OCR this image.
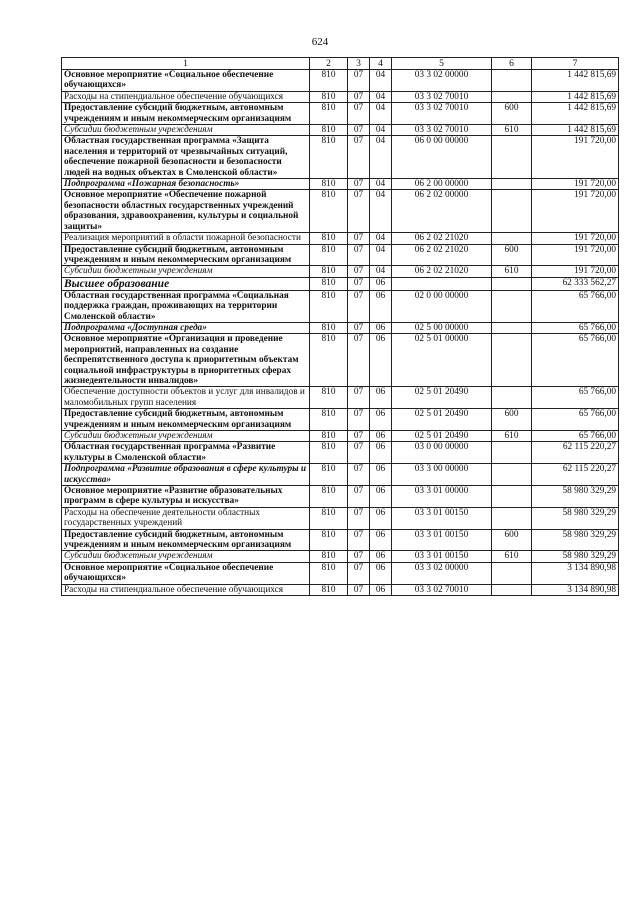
624
1	2	3	4	5	6	7
Основное мероприятие «Социальное обеспечение обучающихся»	810	07	04	03 3 02 00000		1 442 815,69
Расходы на стипендиальное обеспечение обучающихся	810	07	04	03 3 02 70010		1 442 815,69
Предоставление субсидий бюджетным, автономным учреждениям и иным некоммерческим организациям	810	07	04	03 3 02 70010	600	1 442 815,69
Субсидии бюджетным учреждениям	810	07	04	03 3 02 70010	610	1 442 815,69
Областная государственная программа «Защита населения и территорий от чрезвычайных ситуаций, обеспечение пожарной безопасности и безопасности людей на водных объектах в Смоленской области»	810	07	04	06 0 00 00000		191 720,00
Подпрограмма «Пожарная безопасность»	810	07	04	06 2 00 00000		191 720,00
Основное мероприятие «Обеспечение пожарной безопасности областных государственных учреждений образования, здравоохранения, культуры и социальной защиты»	810	07	04	06 2 02 00000		191 720,00
Реализация мероприятий в области пожарной безопасности	810	07	04	06 2 02 21020		191 720,00
Предоставление субсидий бюджетным, автономным учреждениям и иным некоммерческим организациям	810	07	04	06 2 02 21020	600	191 720,00
Субсидии бюджетным учреждениям	810	07	04	06 2 02 21020	610	191 720,00
Высшее образование	810	07	06			62 333 562,27
Областная государственная программа «Социальная поддержка граждан, проживающих на территории Смоленской области»	810	07	06	02 0 00 00000		65 766,00
Подпрограмма «Доступная среда»	810	07	06	02 5 00 00000		65 766,00
Основное мероприятие «Организация и проведение мероприятий, направленных на создание беспрепятственного доступа к приоритетным объектам социальной инфраструктуры в приоритетных сферах жизнедеятельности инвалидов»	810	07	06	02 5 01 00000		65 766,00
Обеспечение доступности объектов и услуг для инвалидов и маломобильных групп населения	810	07	06	02 5 01 20490		65 766,00
Предоставление субсидий бюджетным, автономным учреждениям и иным некоммерческим организациям	810	07	06	02 5 01 20490	600	65 766,00
Субсидии бюджетным учреждениям	810	07	06	02 5 01 20490	610	65 766,00
Областная государственная программа «Развитие культуры в Смоленской области»	810	07	06	03 0 00 00000		62 115 220,27
Подпрограмма «Развитие образования в сфере культуры и искусства»	810	07	06	03 3 00 00000		62 115 220,27
Основное мероприятие «Развитие образовательных программ в сфере культуры и искусства»	810	07	06	03 3 01 00000		58 980 329,29
Расходы на обеспечение деятельности областных государственных учреждений	810	07	06	03 3 01 00150		58 980 329,29
Предоставление субсидий бюджетным, автономным учреждениям и иным некоммерческим организациям	810	07	06	03 3 01 00150	600	58 980 329,29
Субсидии бюджетным учреждениям	810	07	06	03 3 01 00150	610	58 980 329,29
Основное мероприятие «Социальное обеспечение обучающихся»	810	07	06	03 3 02 00000		3 134 890,98
Расходы на стипендиальное обеспечение обучающихся	810	07	06	03 3 02 70010		3 134 890,98
